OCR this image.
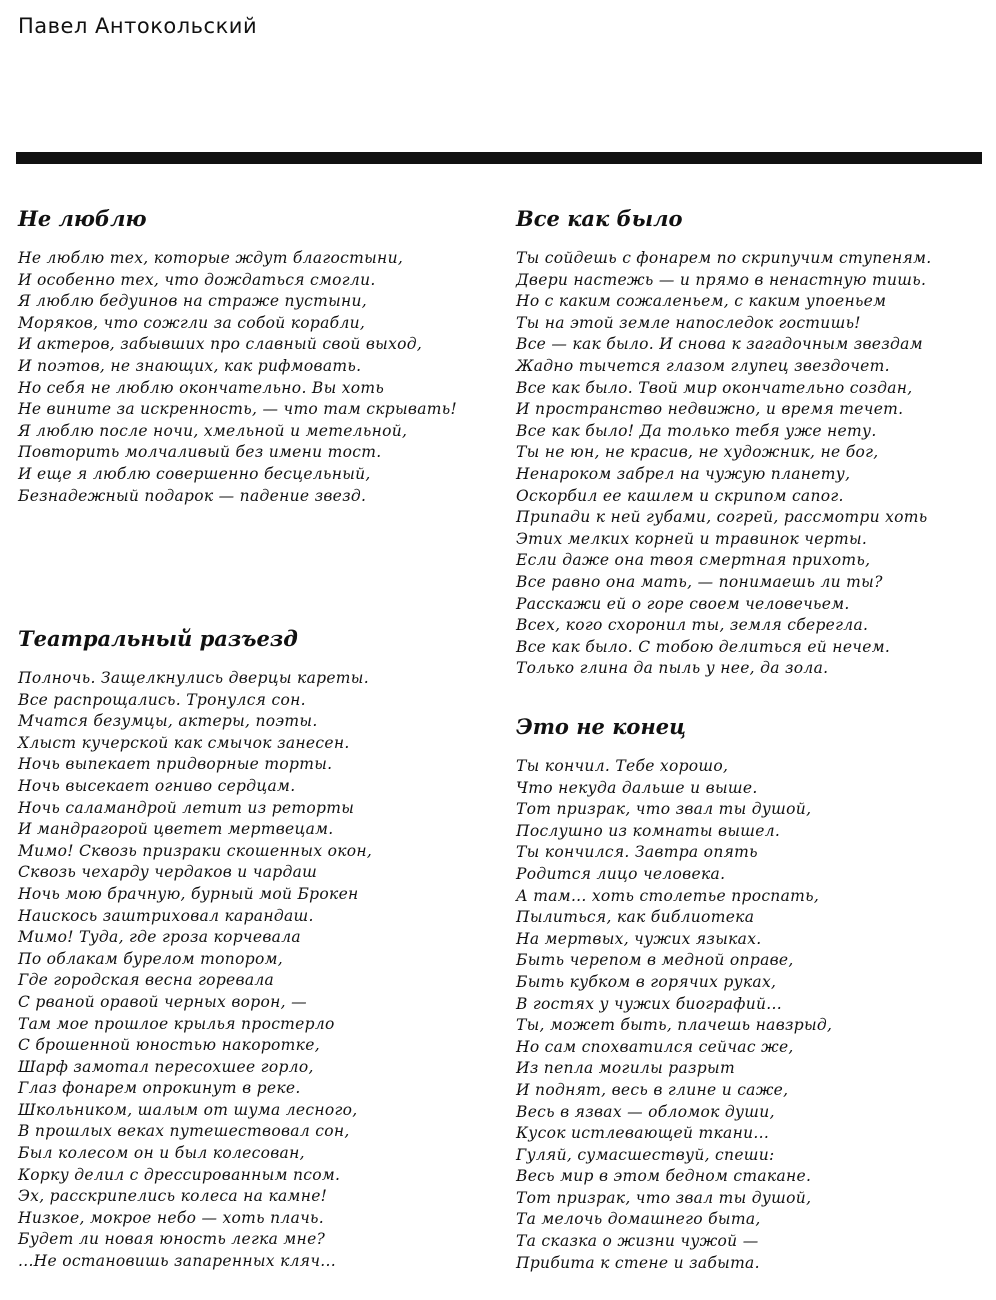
Павел Антокольский
Не люблю
Не люблю тех, которые ждут благостыни,
И особенно тех, что дождаться смогли.
Я люблю бедуинов на страже пустыни,
Моряков, что сожгли за собой корабли,
И актеров, забывших про славный свой выход,
И поэтов, не знающих, как рифмовать.
Но себя не люблю окончательно. Вы хоть
Не вините за искренность, — что там скрывать!
Я люблю после ночи, хмельной и метельной,
Повторить молчаливый без имени тост.
И еще я люблю совершенно бесцельный,
Безнадежный подарок — падение звезд.
Театральный разъезд
Полночь. Защелкнулись дверцы кареты.
Все распрощались. Тронулся сон.
Мчатся безумцы, актеры, поэты.
Хлыст кучерской как смычок занесен.
Ночь выпекает придворные торты.
Ночь высекает огниво сердцам.
Ночь саламандрой летит из реторты
И мандрагорой цветет мертвецам.
Мимо! Сквозь призраки скошенных окон,
Сквозь чехарду чердаков и чардаш
Ночь мою брачную, бурный мой Брокен
Наискось заштриховал карандаш.
Мимо! Туда, где гроза корчевала
По облакам бурелом топором,
Где городская весна горевала
С рваной оравой черных ворон, —
Там мое прошлое крылья простерло
С брошенной юностью накоротке,
Шарф замотал пересохшее горло,
Глаз фонарем опрокинут в реке.
Школьником, шалым от шума лесного,
В прошлых веках путешествовал сон,
Был колесом он и был колесован,
Корку делил с дрессированным псом.
Эх, расскрипелись колеса на камне!
Низкое, мокрое небо — хоть плачь.
Будет ли новая юность легка мне?
...Не остановишь запаренных кляч...
Все как было
Ты сойдешь с фонарем по скрипучим ступеням.
Двери настежь — и прямо в ненастную тишь.
Но с каким сожаленьем, с каким упоеньем
Ты на этой земле напоследок гостишь!
Все — как было. И снова к загадочным звездам
Жадно тычется глазом глупец звездочет.
Все как было. Твой мир окончательно создан,
И пространство недвижно, и время течет.
Все как было! Да только тебя уже нету.
Ты не юн, не красив, не художник, не бог,
Ненароком забрел на чужую планету,
Оскорбил ее кашлем и скрипом сапог.
Припади к ней губами, согрей, рассмотри хоть
Этих мелких корней и травинок черты.
Если даже она твоя смертная прихоть,
Все равно она мать, — понимаешь ли ты?
Расскажи ей о горе своем человечьем.
Всех, кого схоронил ты, земля сберегла.
Все как было. С тобою делиться ей нечем.
Только глина да пыль у нее, да зола.
Это не конец
Ты кончил. Тебе хорошо,
Что некуда дальше и выше.
Тот призрак, что звал ты душой,
Послушно из комнаты вышел.
Ты кончился. Завтра опять
Родится лицо человека.
А там... хоть столетье проспать,
Пылиться, как библиотека
На мертвых, чужих языках.
Быть черепом в медной оправе,
Быть кубком в горячих руках,
В гостях у чужих биографий...
Ты, может быть, плачешь навзрыд,
Но сам спохватился сейчас же,
Из пепла могилы разрыт
И поднят, весь в глине и саже,
Весь в язвах — обломок души,
Кусок истлевающей ткани...
Гуляй, сумасшествуй, спеши:
Весь мир в этом бедном стакане.
Тот призрак, что звал ты душой,
Та мелочь домашнего быта,
Та сказка о жизни чужой —
Прибита к стене и забыта.
